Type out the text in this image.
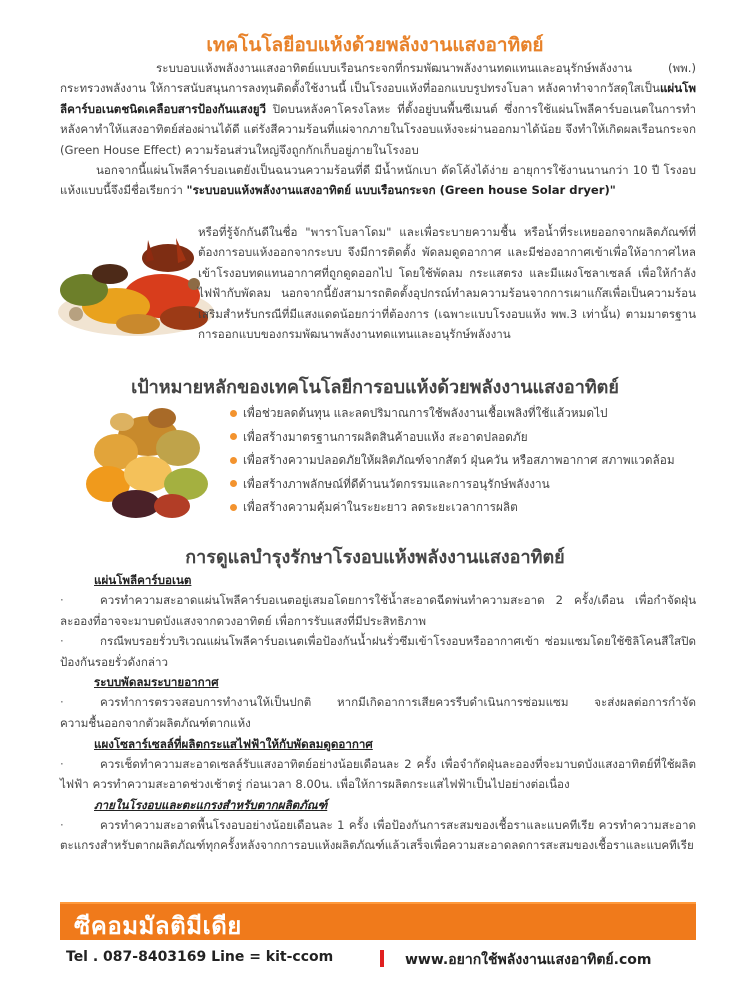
เทคโนโลยีอบแห้งด้วยพลังงานแสงอาทิตย์

ระบบอบแห้งพลังงานแสงอาทิตย์แบบเรือนกระจกที่กรมพัฒนาพลังงานทดแทนและอนุรักษ์พลังงาน (พพ.) กระทรวงพลังงาน ให้การสนับสนุนการลงทุนติดตั้งใช้งานนี้ เป็นโรงอบแห้งที่ออกแบบรูปทรงโบลา หลังคาทำจากวัสดุใสเป็นแผ่นโพลีคาร์บอเนตชนิดเคลือบสารป้องกันแสงยูวี ปิดบนหลังคาโครงโลหะ ที่ตั้งอยู่บนพื้นซีเมนต์ ซึ่งการใช้แผ่นโพลีคาร์บอเนตในการทำหลังคาทำให้แสงอาทิตย์ส่องผ่านได้ดี แต่รังสีความร้อนที่แผ่จากภายในโรงอบแห้งจะผ่านออกมาได้น้อย จึงทำให้เกิดผลเรือนกระจก (Green House Effect) ความร้อนส่วนใหญ่จึงถูกกักเก็บอยู่ภายในโรงอบ

นอกจากนี้แผ่นโพลีคาร์บอเนตยังเป็นฉนวนความร้อนที่ดี มีน้ำหนักเบา ดัดโค้งได้ง่าย อายุการใช้งานนานกว่า 10 ปี โรงอบแห้งแบบนี้จึงมีชื่อเรียกว่า "ระบบอบแห้งพลังงานแสงอาทิตย์ แบบเรือนกระจก (Green house Solar dryer)"

หรือที่รู้จักกันดีในชื่อ "พาราโบลาโดม" และเพื่อระบายความชื้น หรือน้ำที่ระเหยออกจากผลิตภัณฑ์ที่ต้องการอบแห้งออกจากระบบ จึงมีการติดตั้ง พัดลมดูดอากาศ และมีช่องอากาศเข้าเพื่อให้อากาศไหลเข้าโรงอบทดแทนอากาศที่ถูกดูดออกไป โดยใช้พัดลม กระแสตรง และมีแผงโซลาเซลล์ เพื่อให้กำลังไฟฟ้ากับพัดลม นอกจากนี้ยังสามารถติดตั้งอุปกรณ์ทำลมความร้อนจากการเผาแก๊สเพื่อเป็นความร้อนเสริมสำหรับกรณีที่มีแสงแดดน้อยกว่าที่ต้องการ (เฉพาะแบบโรงอบแห้ง พพ.3 เท่านั้น) ตามมาตรฐานการออกแบบของกรมพัฒนาพลังงานทดแทนและอนุรักษ์พลังงาน

เป้าหมายหลักของเทคโนโลยีการอบแห้งด้วยพลังงานแสงอาทิตย์
เพื่อช่วยลดต้นทุน และลดปริมาณการใช้พลังงานเชื้อเพลิงที่ใช้แล้วหมดไป
เพื่อสร้างมาตรฐานการผลิตสินค้าอบแห้ง สะอาดปลอดภัย
เพื่อสร้างความปลอดภัยให้ผลิตภัณฑ์จากสัตว์ ฝุ่นควัน หรือสภาพอากาศ สภาพแวดล้อม
เพื่อสร้างภาพลักษณ์ที่ดีด้านนวัตกรรมและการอนุรักษ์พลังงาน
เพื่อสร้างความคุ้มค่าในระยะยาว ลดระยะเวลาการผลิต
การดูแลบำรุงรักษาโรงอบแห้งพลังงานแสงอาทิตย์

แผ่นโพลีคาร์บอเนต

·	ควรทำความสะอาดแผ่นโพลีคาร์บอเนตอยู่เสมอโดยการใช้น้ำสะอาดฉีดพ่นทำความสะอาด 2 ครั้ง/เดือน เพื่อกำจัดฝุ่นละอองที่อาจจะมาบดบังแสงจากดวงอาทิตย์ เพื่อการรับแสงที่มีประสิทธิภาพ

·	กรณีพบรอยรั่วบริเวณแผ่นโพลีคาร์บอเนตเพื่อป้องกันน้ำฝนรั่วซึมเข้าโรงอบหรืออากาศเข้า ซ่อมแซมโดยใช้ซิลิโคนสีใสปิดป้องกันรอยรั่วดังกล่าว

ระบบพัดลมระบายอากาศ

·	ควรทำการตรวจสอบการทำงานให้เป็นปกติ หากมีเกิดอาการเสียควรรีบดำเนินการซ่อมแซม จะส่งผลต่อการกำจัดความชื้นออกจากตัวผลิตภัณฑ์ตากแห้ง

แผงโซลาร์เซลล์ที่ผลิตกระแสไฟฟ้าให้กับพัดลมดูดอากาศ

·	ควรเช็ดทำความสะอาดเซลล์รับแสงอาทิตย์อย่างน้อยเดือนละ 2 ครั้ง เพื่อจำกัดฝุ่นละอองที่จะมาบดบังแสงอาทิตย์ที่ใช้ผลิตไฟฟ้า ควรทำความสะอาดช่วงเช้าตรู่ ก่อนเวลา 8.00น. เพื่อให้การผลิตกระแสไฟฟ้าเป็นไปอย่างต่อเนื่อง

ภายในโรงอบและตะแกรงสำหรับตากผลิตภัณฑ์

·	ควรทำความสะอาดพื้นโรงอบอย่างน้อยเดือนละ 1 ครั้ง เพื่อป้องกันการสะสมของเชื้อราและแบคทีเรีย ควรทำความสะอาด ตะแกรงสำหรับตากผลิตภัณฑ์ทุกครั้งหลังจากการอบแห้งผลิตภัณฑ์แล้วเสร็จเพื่อความสะอาดลดการสะสมของเชื้อราและแบคทีเรีย

ซีคอมมัลติมีเดีย
Tel . 087-8403169 Line = kit-ccom	www.อยากใช้พลังงานแสงอาทิตย์.com
